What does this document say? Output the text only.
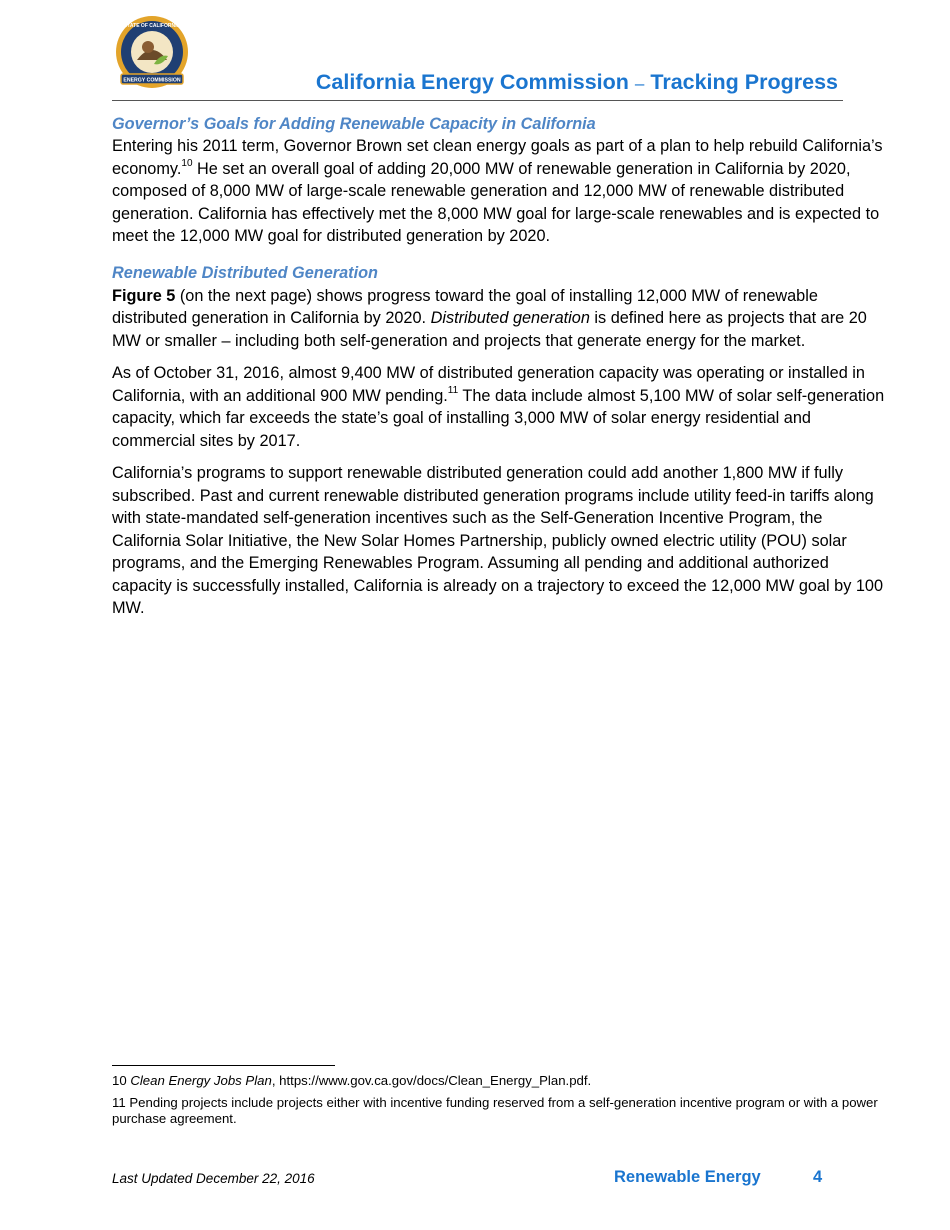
ENERGY COMMISSION
STATE OF CALIFORNIA
California Energy Commission – Tracking Progress
Governor’s Goals for Adding Renewable Capacity in California

Entering his 2011 term, Governor Brown set clean energy goals as part of a plan to help rebuild California’s economy.$^{10}$ He set an overall goal of adding 20,000 MW of renewable generation in California by 2020, composed of 8,000 MW of large-scale renewable generation and 12,000 MW of renewable distributed generation. California has effectively met the 8,000 MW goal for large-scale renewables and is expected to meet the 12,000 MW goal for distributed generation by 2020.

Renewable Distributed Generation

Figure 5 (on the next page) shows progress toward the goal of installing 12,000 MW of renewable distributed generation in California by 2020. Distributed generation is defined here as projects that are 20 MW or smaller – including both self-generation and projects that generate energy for the market.

As of October 31, 2016, almost 9,400 MW of distributed generation capacity was operating or installed in California, with an additional 900 MW pending.$^{11}$ The data include almost 5,100 MW of solar self-generation capacity, which far exceeds the state’s goal of installing 3,000 MW of solar energy residential and commercial sites by 2017.

California’s programs to support renewable distributed generation could add another 1,800 MW if fully subscribed. Past and current renewable distributed generation programs include utility feed-in tariffs along with state-mandated self-generation incentives such as the Self-Generation Incentive Program, the California Solar Initiative, the New Solar Homes Partnership, publicly owned electric utility (POU) solar programs, and the Emerging Renewables Program. Assuming all pending and additional authorized capacity is successfully installed, California is already on a trajectory to exceed the 12,000 MW goal by 100 MW.

10 Clean Energy Jobs Plan, https://www.gov.ca.gov/docs/Clean_Energy_Plan.pdf.

11 Pending projects include projects either with incentive funding reserved from a self-generation incentive program or with a power purchase agreement.

Last Updated December 22, 2016	Renewable Energy	4
